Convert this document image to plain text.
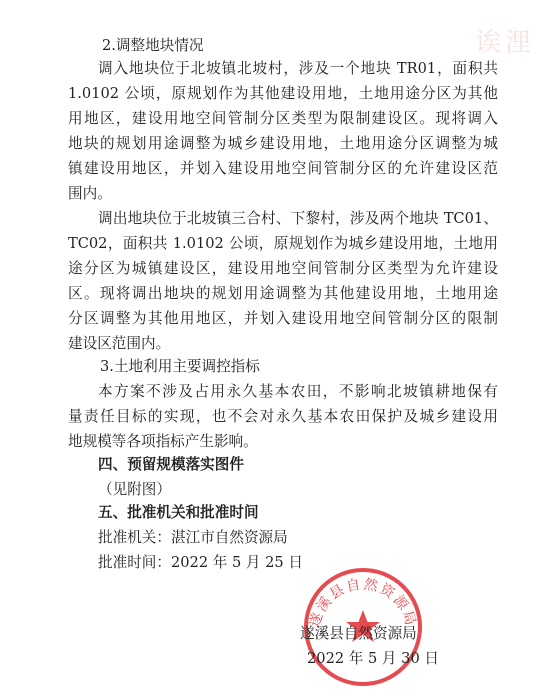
诶浬
2.调整地块情况
调入地块位于北坡镇北坡村，涉及一个地块 TR01，面积共
1.0102 公顷，原规划作为其他建设用地，土地用途分区为其他
用地区，建设用地空间管制分区类型为限制建设区。现将调入
地块的规划用途调整为城乡建设用地，土地用途分区调整为城
镇建设用地区，并划入建设用地空间管制分区的允许建设区范
围内。
调出地块位于北坡镇三合村、下黎村，涉及两个地块 TC01、
TC02，面积共 1.0102 公顷，原规划作为城乡建设用地，土地用
途分区为城镇建设区，建设用地空间管制分区类型为允许建设
区。现将调出地块的规划用途调整为其他建设用地，土地用途
分区调整为其他用地区，并划入建设用地空间管制分区的限制
建设区范围内。
3.土地利用主要调控指标
本方案不涉及占用永久基本农田，不影响北坡镇耕地保有
量责任目标的实现，也不会对永久基本农田保护及城乡建设用
地规模等各项指标产生影响。
四、预留规模落实图件
（见附图）
五、批准机关和批准时间
批准机关：湛江市自然资源局
批准时间：2022 年 5 月 25 日
遂溪县自然资源局
遂溪县自然资源局
2022 年 5 月 30 日
